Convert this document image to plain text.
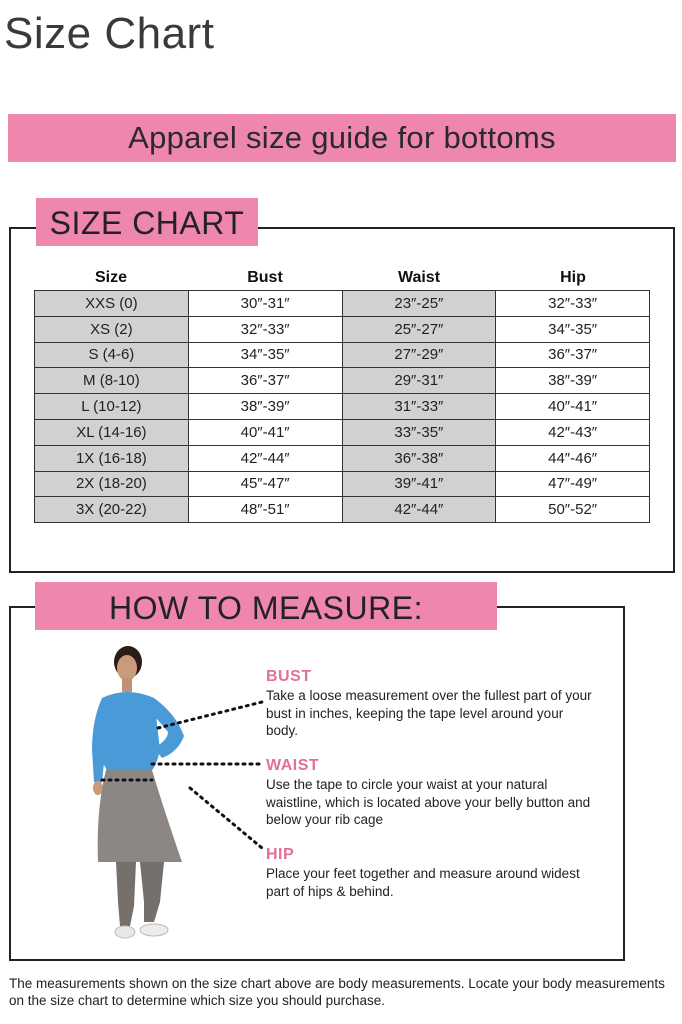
Size Chart
Apparel size guide for bottoms
SIZE CHART
Size	Bust	Waist	Hip
XXS (0)	30″-31″	23″-25″	32″-33″
XS (2)	32″-33″	25″-27″	34″-35″
S (4-6)	34″-35″	27″-29″	36″-37″
M (8-10)	36″-37″	29″-31″	38″-39″
L (10-12)	38″-39″	31″-33″	40″-41″
XL (14-16)	40″-41″	33″-35″	42″-43″
1X (16-18)	42″-44″	36″-38″	44″-46″
2X (18-20)	45″-47″	39″-41″	47″-49″
3X (20-22)	48″-51″	42″-44″	50″-52″
HOW TO MEASURE:
BUST
Take a loose measurement over the fullest part of your bust in inches, keeping the tape level around your body.
WAIST
Use the tape to circle your waist at your natural waistline, which is located above your belly button and below your rib cage
HIP
Place your feet together and measure around widest part of hips & behind.
The measurements shown on the size chart above are body measurements. Locate your body measurements on the size chart to determine which size you should purchase.
